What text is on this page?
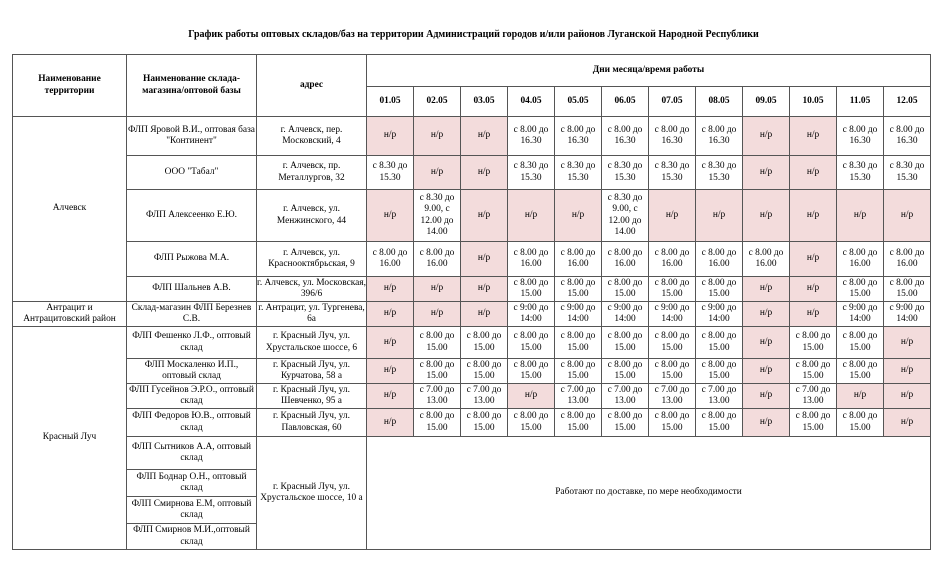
График работы оптовых складов/баз на территории Администраций городов и/или районов Луганской Народной Республики
Наименование территории	Наименование склада-магазина/оптовой базы	адрес	Дни месяца/время работы											
			01.05	02.05	03.05	04.05	05.05	06.05	07.05	08.05	09.05	10.05	11.05	12.05
Алчевск	ФЛП Яровой В.И., оптовая база "Континент"	г. Алчевск, пер. Московский, 4	н/р	н/р	н/р	с 8.00 до 16.30	с 8.00 до 16.30	с 8.00 до 16.30	с 8.00 до 16.30	с 8.00 до 16.30	н/р	н/р	с 8.00 до 16.30	с 8.00 до 16.30
	ООО "Табал"	г. Алчевск, пр. Металлургов, 32	с 8.30 до 15.30	н/р	н/р	с 8.30 до 15.30	с 8.30 до 15.30	с 8.30 до 15.30	с 8.30 до 15.30	с 8.30 до 15.30	н/р	н/р	с 8.30 до 15.30	с 8.30 до 15.30
	ФЛП Алексеенко Е.Ю.	г. Алчевск, ул. Менжинского, 44	н/р	с 8.30 до 9.00, с 12.00 до 14.00	н/р	н/р	н/р	с 8.30 до 9.00, с 12.00 до 14.00	н/р	н/р	н/р	н/р	н/р	н/р
	ФЛП Рыжова М.А.	г. Алчевск, ул. Краснооктябрьская, 9	с 8.00 до 16.00	с 8.00 до 16.00	н/р	с 8.00 до 16.00	с 8.00 до 16.00	с 8.00 до 16.00	с 8.00 до 16.00	с 8.00 до 16.00	с 8.00 до 16.00	н/р	с 8.00 до 16.00	с 8.00 до 16.00
	ФЛП Шальнев А.В.	г. Алчевск, ул. Московская, 396/6	н/р	н/р	н/р	с 8.00 до 15.00	с 8.00 до 15.00	с 8.00 до 15.00	с 8.00 до 15.00	с 8.00 до 15.00	н/р	н/р	с 8.00 до 15.00	с 8.00 до 15.00
Антрацит и Антрацитовский район	Склад-магазин ФЛП Березнев С.В.	г. Антрацит, ул. Тургенева, 6а	н/р	н/р	н/р	с 9:00 до 14:00	с 9:00 до 14:00	с 9:00 до 14:00	с 9:00 до 14:00	с 9:00 до 14:00	н/р	н/р	с 9:00 до 14:00	с 9:00 до 14:00
Красный Луч	ФЛП Фешенко Л.Ф., оптовый склад	г. Красный Луч, ул. Хрустальское шоссе, 6	н/р	с 8.00 до 15.00	с 8.00 до 15.00	с 8.00 до 15.00	с 8.00 до 15.00	с 8.00 до 15.00	с 8.00 до 15.00	с 8.00 до 15.00	н/р	с 8.00 до 15.00	с 8.00 до 15.00	н/р
	ФЛП Москаленко И.П., оптовый склад	г. Красный Луч, ул. Курчатова, 58 а	н/р	с 8.00 до 15.00	с 8.00 до 15.00	с 8.00 до 15.00	с 8.00 до 15.00	с 8.00 до 15.00	с 8.00 до 15.00	с 8.00 до 15.00	н/р	с 8.00 до 15.00	с 8.00 до 15.00	н/р
	ФЛП Гусейнов Э.Р.О., оптовый склад	г. Красный Луч, ул. Шевченко, 95 а	н/р	с 7.00 до 13.00	с 7.00 до 13.00	н/р	с 7.00 до 13.00	с 7.00 до 13.00	с 7.00 до 13.00	с 7.00 до 13.00	н/р	с 7.00 до 13.00	н/р	н/р
	ФЛП Федоров Ю.В., оптовый склад	г. Красный Луч, ул. Павловская, 60	н/р	с 8.00 до 15.00	с 8.00 до 15.00	с 8.00 до 15.00	с 8.00 до 15.00	с 8.00 до 15.00	с 8.00 до 15.00	с 8.00 до 15.00	н/р	с 8.00 до 15.00	с 8.00 до 15.00	н/р
	ФЛП Сытников А.А, оптовый склад	г. Красный Луч, ул. Хрустальское шоссе, 10 а	Работают по доставке, по мере необходимости											
	ФЛП Боднар О.Н., оптовый склад													
	ФЛП Смирнова Е.М, оптовый склад													
	ФЛП Смирнов М.И.,оптовый склад													
